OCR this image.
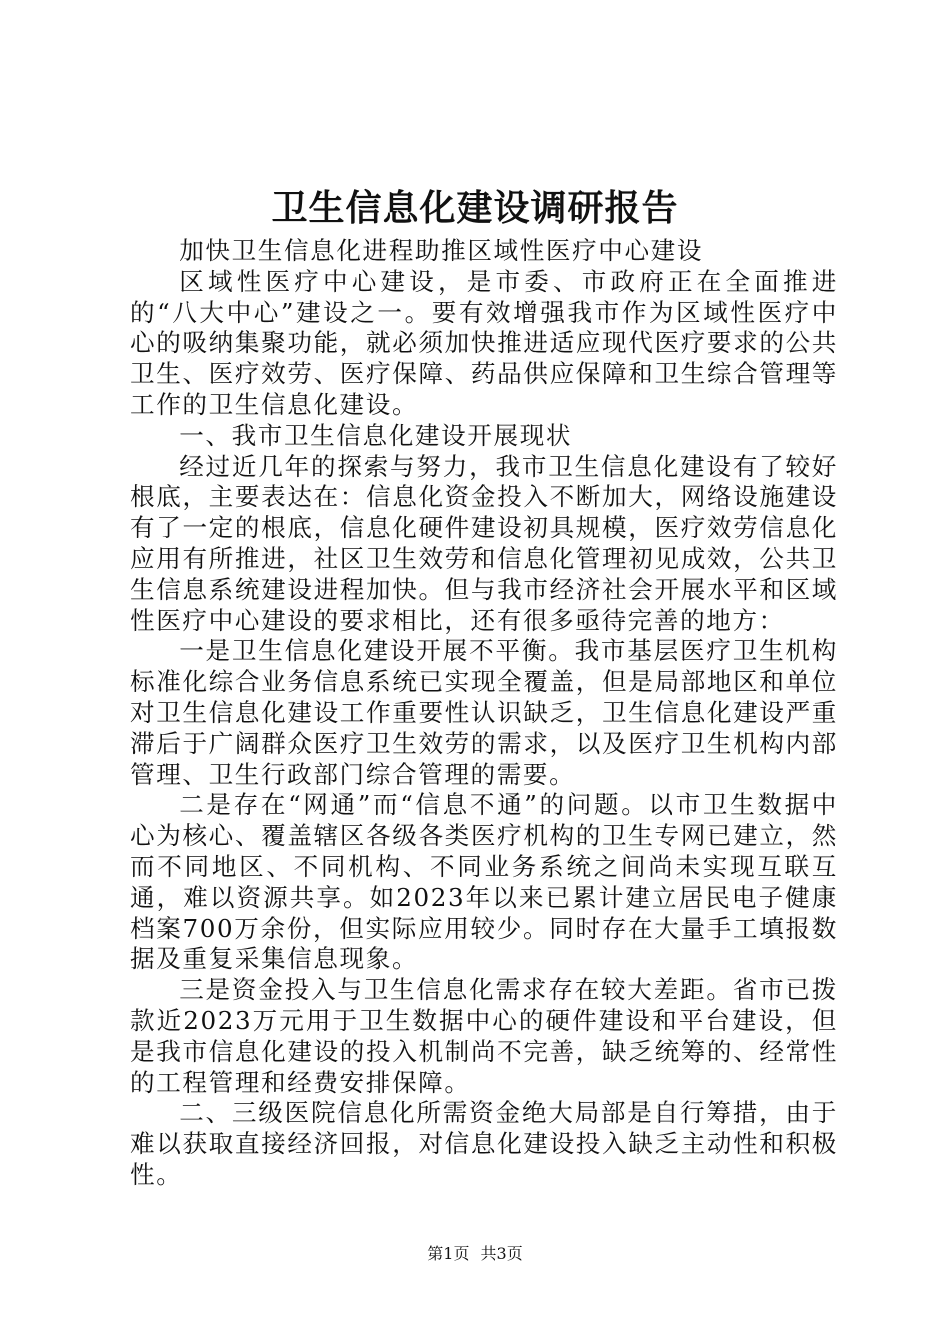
卫生信息化建设调研报告

加快卫生信息化进程助推区域性医疗中心建设

区域性医疗中心建设，是市委、市政府正在全面推进的“八大中心”建设之一。要有效增强我市作为区域性医疗中心的吸纳集聚功能，就必须加快推进适应现代医疗要求的公共卫生、医疗效劳、医疗保障、药品供应保障和卫生综合管理等工作的卫生信息化建设。

一、我市卫生信息化建设开展现状

经过近几年的探索与努力，我市卫生信息化建设有了较好根底，主要表达在：信息化资金投入不断加大，网络设施建设有了一定的根底，信息化硬件建设初具规模，医疗效劳信息化应用有所推进，社区卫生效劳和信息化管理初见成效，公共卫生信息系统建设进程加快。但与我市经济社会开展水平和区域性医疗中心建设的要求相比，还有很多亟待完善的地方：

一是卫生信息化建设开展不平衡。我市基层医疗卫生机构标准化综合业务信息系统已实现全覆盖，但是局部地区和单位对卫生信息化建设工作重要性认识缺乏，卫生信息化建设严重滞后于广阔群众医疗卫生效劳的需求，以及医疗卫生机构内部管理、卫生行政部门综合管理的需要。

二是存在“网通”而“信息不通”的问题。以市卫生数据中心为核心、覆盖辖区各级各类医疗机构的卫生专网已建立，然而不同地区、不同机构、不同业务系统之间尚未实现互联互通，难以资源共享。如2023年以来已累计建立居民电子健康档案700万余份，但实际应用较少。同时存在大量手工填报数据及重复采集信息现象。

三是资金投入与卫生信息化需求存在较大差距。省市已拨款近2023万元用于卫生数据中心的硬件建设和平台建设，但是我市信息化建设的投入机制尚不完善，缺乏统筹的、经常性的工程管理和经费安排保障。

二、三级医院信息化所需资金绝大局部是自行筹措，由于难以获取直接经济回报，对信息化建设投入缺乏主动性和积极性。

第1页 共3页
